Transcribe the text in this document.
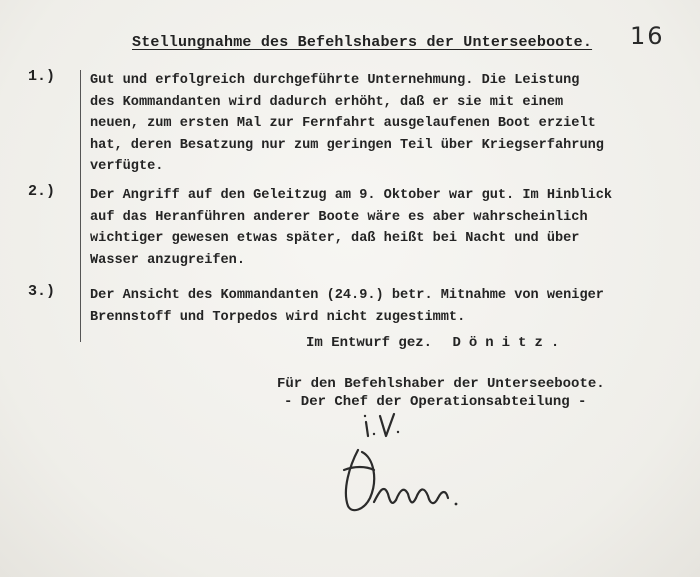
16
Stellungnahme des Befehlshabers der Unterseeboote.
1.)	Gut und erfolgreich durchgeführte Unternehmung. Die Leistung
des Kommandanten wird dadurch erhöht, daß er sie mit einem
neuen, zum ersten Mal zur Fernfahrt ausgelaufenen Boot erzielt
hat, deren Besatzung nur zum geringen Teil über Kriegserfahrung
verfügte.
2.)	Der Angriff auf den Geleitzug am 9. Oktober war gut. Im Hinblick
auf das Heranführen anderer Boote wäre es aber wahrscheinlich
wichtiger gewesen etwas später, daß heißt bei Nacht und über
Wasser anzugreifen.
3.)	Der Ansicht des Kommandanten (24.9.) betr. Mitnahme von weniger
Brennstoff und Torpedos wird nicht zugestimmt.
Im Entwurf gez. Dönitz.
Für den Befehlshaber der Unterseeboote.
- Der Chef der Operationsabteilung -
